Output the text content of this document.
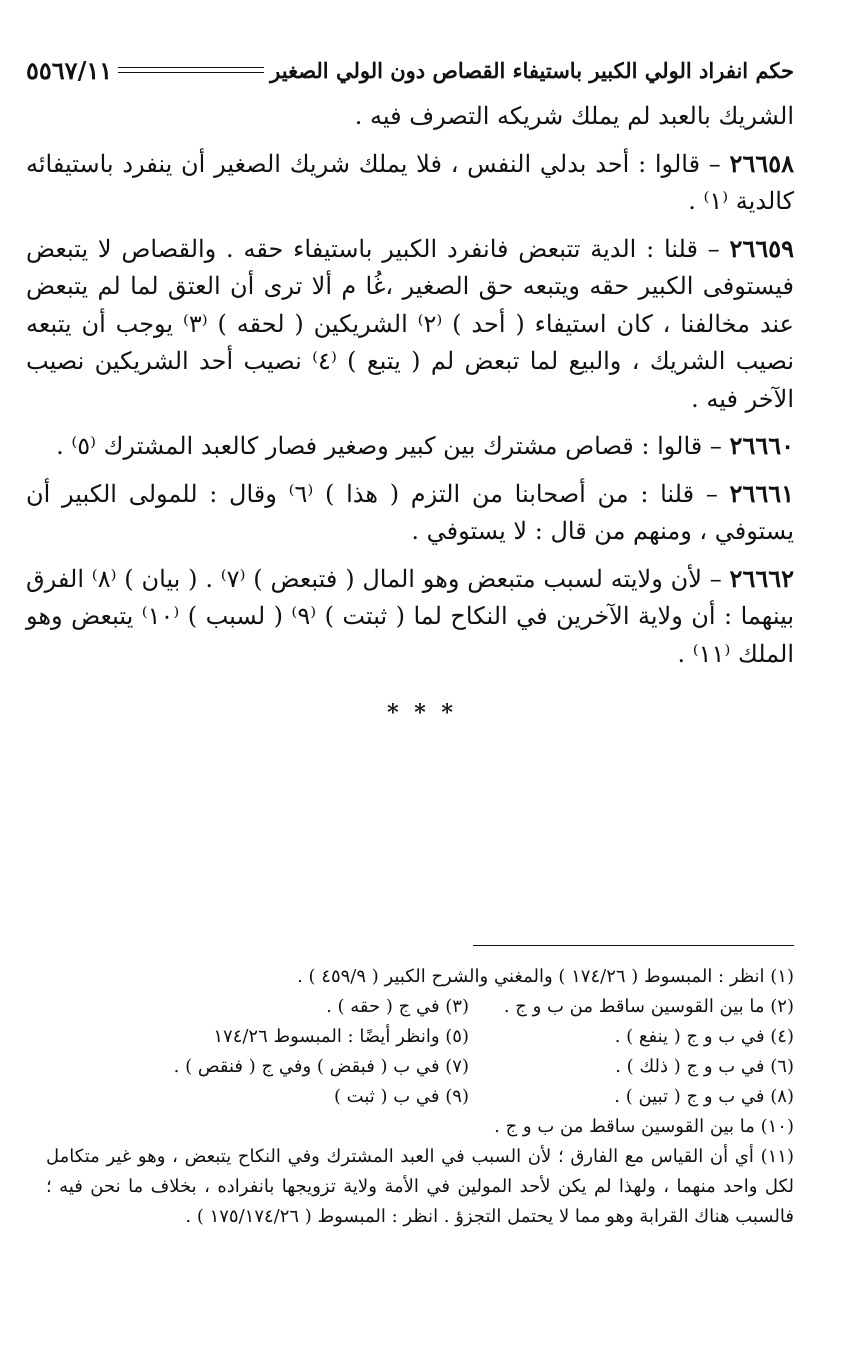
حكم انفراد الولي الكبير باستيفاء القصاص دون الولي الصغير
٥٥٦٧/١١

الشريك بالعبد لم يملك شريكه التصرف فيه .

٢٦٦٥٨ – قالوا : أحد بدلي النفس ، فلا يملك شريك الصغير أن ينفرد باستيفائه كالدية ⁽١⁾ .

٢٦٦٥٩ – قلنا : الدية تتبعض فانفرد الكبير باستيفاء حقه . والقصاص لا يتبعض فيستوفى الكبير حقه ويتبعه حق الصغير ،غُا م ألا ترى أن العتق لما لم يتبعض عند مخالفنا ، كان استيفاء ( أحد ) ⁽٢⁾ الشريكين ( لحقه ) ⁽٣⁾ يوجب أن يتبعه نصيب الشريك ، والبيع لما تبعض لم ( يتبع ) ⁽٤⁾ نصيب أحد الشريكين نصيب الآخر فيه .

٢٦٦٦٠ – قالوا : قصاص مشترك بين كبير وصغير فصار كالعبد المشترك ⁽٥⁾ .

٢٦٦٦١ – قلنا : من أصحابنا من التزم ( هذا ) ⁽٦⁾ وقال : للمولى الكبير أن يستوفي ، ومنهم من قال : لا يستوفي .

٢٦٦٦٢ – لأن ولايته لسبب متبعض وهو المال ( فتبعض ) ⁽٧⁾ . ( بيان ) ⁽٨⁾ الفرق بينهما : أن ولاية الآخرين في النكاح لما ( ثبتت ) ⁽٩⁾ ( لسبب ) ⁽١٠⁾ يتبعض وهو الملك ⁽١١⁾ .

* * *
(١) انظر : المبسوط ( ١٧٤/٢٦ ) والمغني والشرح الكبير ( ٤٥٩/٩ ) .
(٢) ما بين القوسين ساقط من ب و ج .
(٣) في ج ( حقه ) .
(٤) في ب و ج ( ينفع ) .
(٥) وانظر أيضًا : المبسوط ١٧٤/٢٦
(٦) في ب و ج ( ذلك ) .
(٧) في ب ( فبقض ) وفي ج ( فنقص ) .
(٨) في ب و ج ( تبين ) .
(٩) في ب ( ثبت )
(١٠) ما بين القوسين ساقط من ب و ج .
(١١) أي أن القياس مع الفارق ؛ لأن السبب في العبد المشترك وفي النكاح يتبعض ، وهو غير متكامل لكل واحد منهما ، ولهذا لم يكن لأحد المولين في الأمة ولاية تزويجها بانفراده ، بخلاف ما نحن فيه ؛ فالسبب هناك القرابة وهو مما لا يحتمل التجزؤ . انظر : المبسوط ( ١٧٥/١٧٤/٢٦ ) .
